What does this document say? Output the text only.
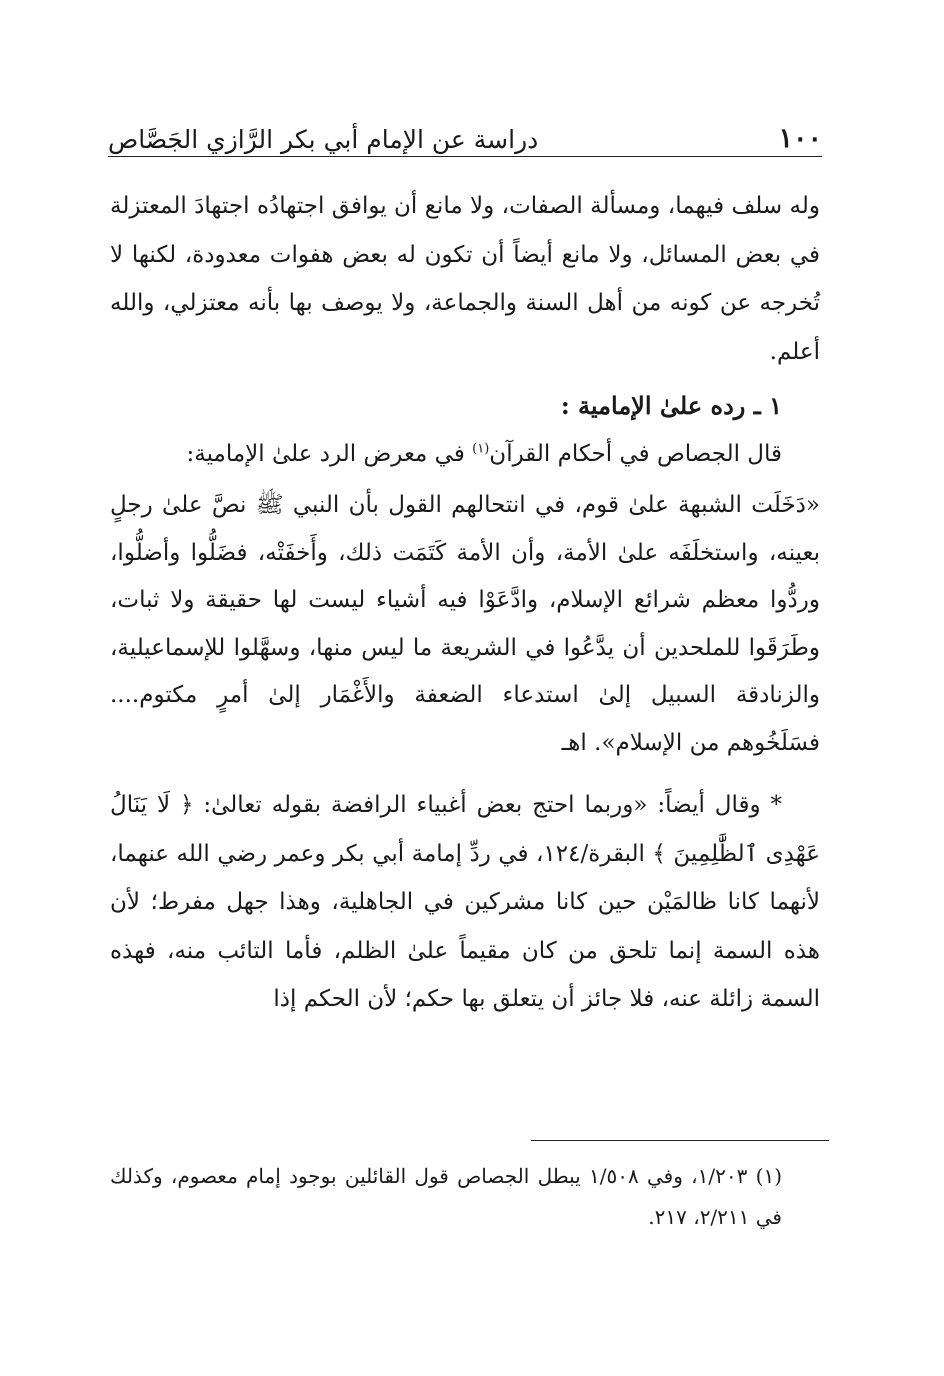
١٠٠
دراسة عن الإمام أبي بكر الرَّازي الجَصَّاص

وله سلف فيهما، ومسألة الصفات، ولا مانع أن يوافق اجتهادُه اجتهادَ المعتزلة في بعض المسائل، ولا مانع أيضاً أن تكون له بعض هفوات معدودة، لكنها لا تُخرجه عن كونه من أهل السنة والجماعة، ولا يوصف بها بأنه معتزلي، والله أعلم.

١ ـ رده علىٰ الإمامية :

قال الجصاص في أحكام القرآن$^{(١)}$ في معرض الرد علىٰ الإمامية:

«دَخَلَت الشبهة علىٰ قوم، في انتحالهم القول بأن النبي ﷺ نصَّ علىٰ رجلٍ بعينه، واستخلَفَه علىٰ الأمة، وأن الأمة كَتَمَت ذلك، وأَخفَتْه، فضَلُّوا وأضلُّوا، وردُّوا معظم شرائع الإسلام، وادَّعَوْا فيه أشياء ليست لها حقيقة ولا ثبات، وطَرَقَوا للملحدين أن يدَّعُوا في الشريعة ما ليس منها، وسهَّلوا للإسماعيلية، والزنادقة السبيل إلىٰ استدعاء الضعفة والأَغْمَار إلىٰ أمرٍ مكتوم.... فسَلَخُوهم من الإسلام». اهـ

* وقال أيضاً: «وربما احتج بعض أغبياء الرافضة بقوله تعالىٰ: ﴿ لَا يَنَالُ عَهْدِى ٱلظَّٰلِمِينَ ﴾ البقرة/١٢٤، في ردِّ إمامة أبي بكر وعمر رضي الله عنهما، لأنهما كانا ظالمَيْن حين كانا مشركين في الجاهلية، وهذا جهل مفرط؛ لأن هذه السمة إنما تلحق من كان مقيماً علىٰ الظلم، فأما التائب منه، فهذه السمة زائلة عنه، فلا جائز أن يتعلق بها حكم؛ لأن الحكم إذا

(١) ١/٢٠٣، وفي ١/٥٠٨ يبطل الجصاص قول القائلين بوجود إمام معصوم، وكذلك في ٢/٢١١، ٢١٧.
